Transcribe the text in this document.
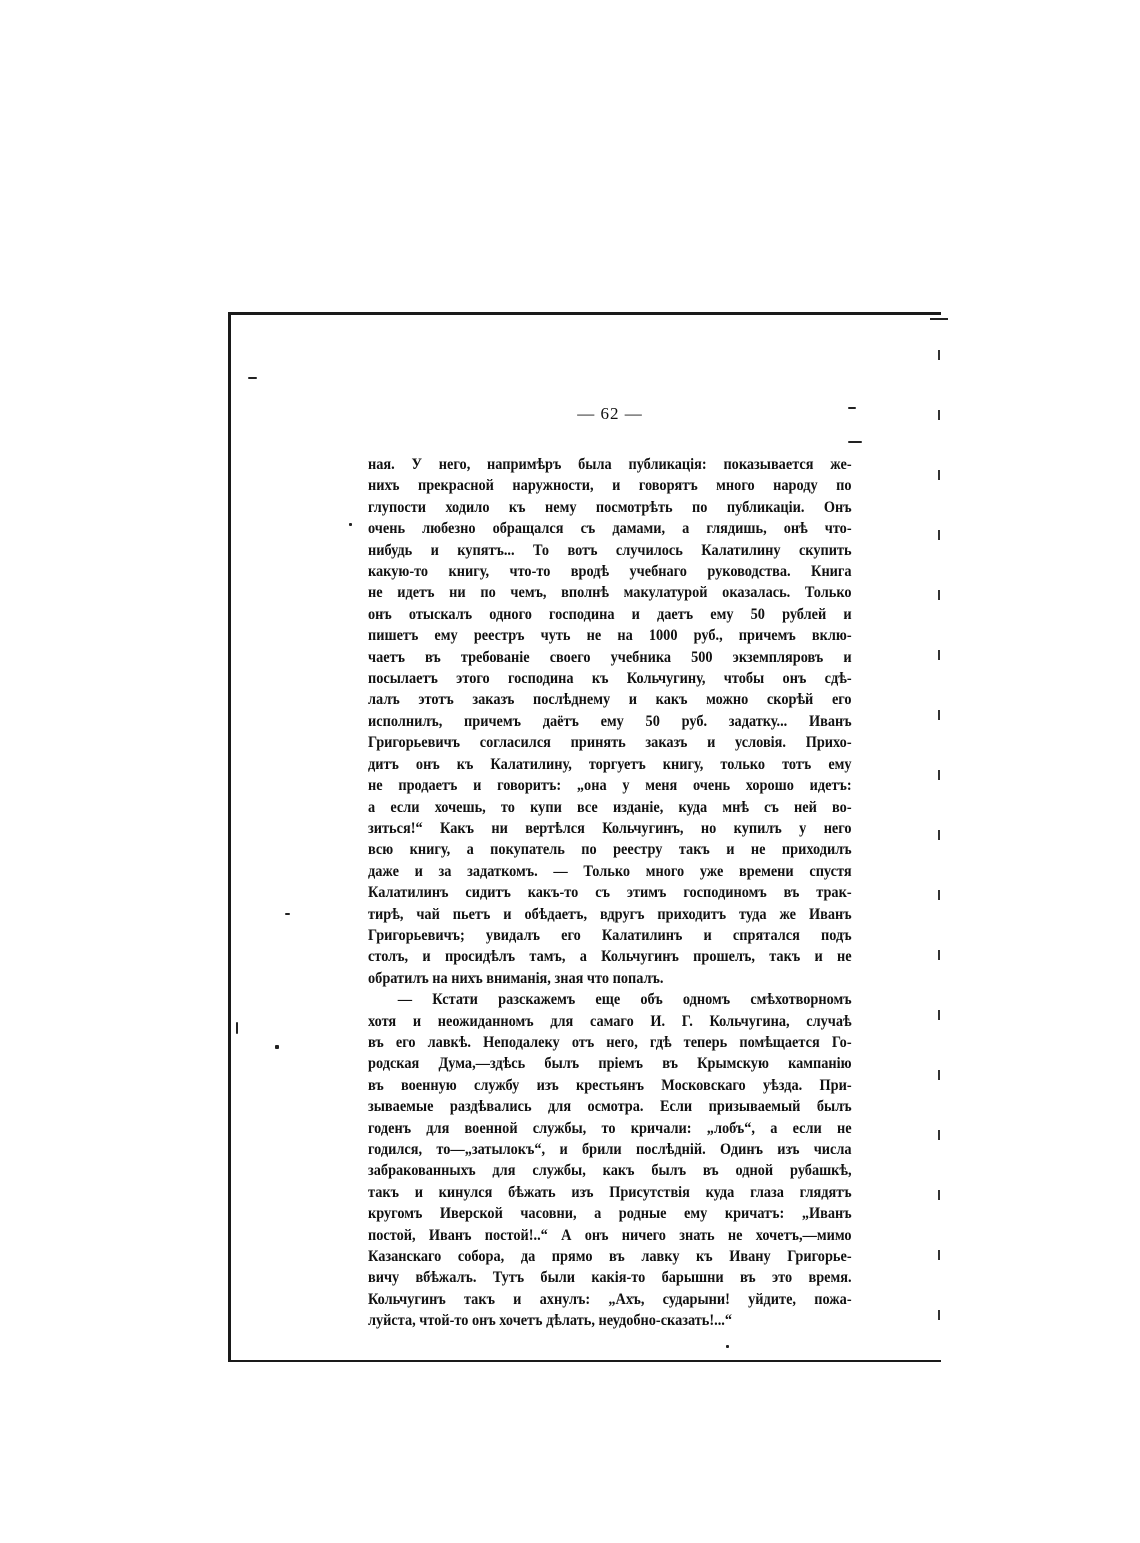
— 62 —

ная. У него, напримѣръ была публикація: показывается же-
нихъ прекрасной наружности, и говорятъ много народу по
глупости ходило къ нему посмотрѣть по публикаціи. Онъ
очень любезно обращался съ дамами, а глядишь, онѣ что-
нибудь и купятъ... То вотъ случилось Калатилину скупить
какую-то книгу, что-то вродѣ учебнаго руководства. Книга
не идетъ ни по чемъ, вполнѣ макулатурой оказалась. Только
онъ отыскалъ одного господина и даетъ ему 50 рублей и
пишетъ ему реестръ чуть не на 1000 руб., причемъ вклю-
чаетъ въ требованіе своего учебника 500 экземпляровъ и
посылаетъ этого господина къ Кольчугину, чтобы онъ сдѣ-
лалъ этотъ заказъ послѣднему и какъ можно скорѣй его
исполнилъ, причемъ даётъ ему 50 руб. задатку... Иванъ
Григорьевичъ согласился принять заказъ и условія. Прихо-
дитъ онъ къ Калатилину, торгуетъ книгу, только тотъ ему
не продаетъ и говоритъ: „она у меня очень хорошо идетъ:
а если хочешь, то купи все изданіе, куда мнѣ съ ней во-
зиться!“ Какъ ни вертѣлся Кольчугинъ, но купилъ у него
всю книгу, а покупатель по реестру такъ и не приходилъ
даже и за задаткомъ. — Только много уже времени спустя
Калатилинъ сидитъ какъ-то съ этимъ господиномъ въ трак-
тирѣ, чай пьетъ и обѣдаетъ, вдругъ приходитъ туда же Иванъ
Григорьевичъ; увидалъ его Калатилинъ и спрятался подъ
столъ, и просидѣлъ тамъ, а Кольчугинъ прошелъ, такъ и не
обратилъ на нихъ вниманія, зная что попалъ.

— Кстати разскажемъ еще объ одномъ смѣхотворномъ
хотя и неожиданномъ для самаго И. Г. Кольчугина, случаѣ
въ его лавкѣ. Неподалеку отъ него, гдѣ теперь помѣщается Го-
родская Дума,—здѣсь былъ пріемъ въ Крымскую кампанію
въ военную службу изъ крестьянъ Московскаго уѣзда. При-
зываемые раздѣвались для осмотра. Если призываемый былъ
годенъ для военной службы, то кричали: „лобъ“, а если не
годился, то—„затылокъ“, и брили послѣдній. Одинъ изъ числа
забракованныхъ для службы, какъ былъ въ одной рубашкѣ,
такъ и кинулся бѣжать изъ Присутствія куда глаза глядятъ
кругомъ Иверской часовни, а родные ему кричатъ: „Иванъ
постой, Иванъ постой!..“ А онъ ничего знать не хочетъ,—мимо
Казанскаго собора, да прямо въ лавку къ Ивану Григорье-
вичу вбѣжалъ. Тутъ были какія-то барышни въ это время.
Кольчугинъ такъ и ахнулъ: „Ахъ, сударыни! уйдите, пожа-
луйста, чтой-то онъ хочетъ дѣлать, неудобно-сказать!...“
